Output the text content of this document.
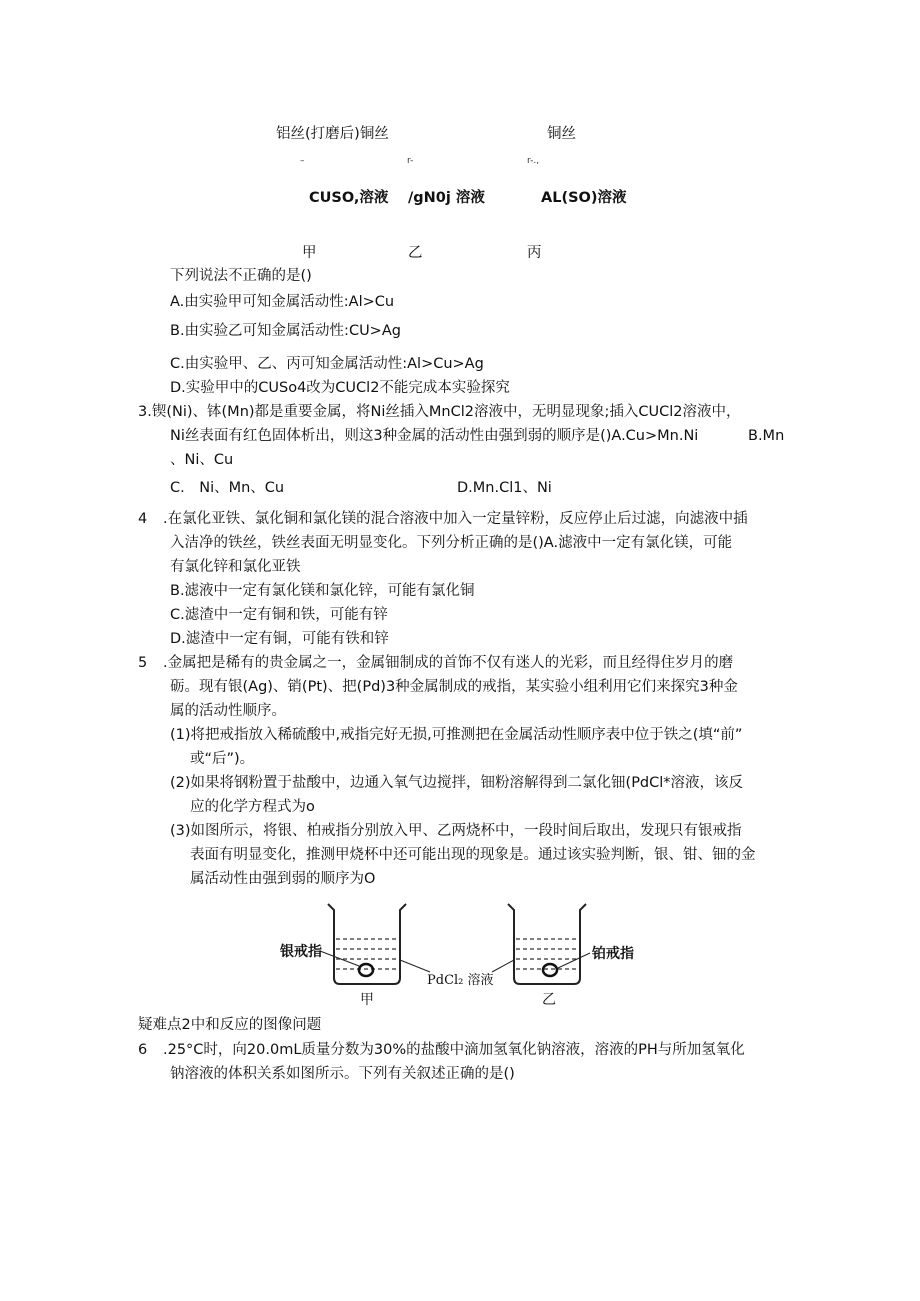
铝丝(打磨后)铜丝	铜丝
–	r-	r-.,
CUSO,溶液 /gN0j 溶液	AL(SO)溶液
甲	乙	丙
下列说法不正确的是()
A.由实验甲可知金属活动性:Al>Cu
B.由实验乙可知金属活动性:CU>Ag
C.由实验甲、乙、丙可知金属活动性:Al>Cu>Ag
D.实验甲中的CUSo4改为CUCl2不能完成本实验探究
3.锲(Ni)、钵(Mn)都是重要金属，将Ni丝插入MnCl2溶液中，无明显现象;插入CUCl2溶液中，
Ni丝表面有红色固体析出，则这3种金属的活动性由强到弱的顺序是()A.Cu>Mn.Ni	B.Mn
、Ni、Cu
C.　Ni、Mn、Cu	D.Mn.Cl1、Ni
4 .在氯化亚铁、氯化铜和氯化镁的混合溶液中加入一定量锌粉，反应停止后过滤，向滤液中插
入洁净的铁丝，铁丝表面无明显变化。下列分析正确的是()A.滤液中一定有氯化镁，可能
有氯化锌和氯化亚铁
B.滤液中一定有氯化镁和氯化锌，可能有氯化铜
C.滤渣中一定有铜和铁，可能有锌
D.滤渣中一定有铜，可能有铁和锌
5 .金属把是稀有的贵金属之一，金属钿制成的首饰不仅有迷人的光彩，而且经得住岁月的磨
砺。现有银(Ag)、销(Pt)、把(Pd)3种金属制成的戒指，某实验小组利用它们来探究3种金
属的活动性顺序。
(1)将把戒指放入稀硫酸中,戒指完好无损,可推测把在金属活动性顺序表中位于铁之(填“前”
或“后”)。
(2)如果将钢粉置于盐酸中，边通入氧气边搅拌，钿粉溶解得到二氯化钿(PdCl*溶液，该反
应的化学方程式为o
(3)如图所示，将银、柏戒指分别放入甲、乙两烧杯中，一段时间后取出，发现只有银戒指
表面有明显变化，推测甲烧杯中还可能出现的现象是。通过该实验判断，银、钳、钿的金
属活动性由强到弱的顺序为O
银戒指
PdCl₂ 溶液
铂戒指
甲	乙
疑难点2中和反应的图像问题
6 .25°C时，向20.0mL质量分数为30%的盐酸中滴加氢氧化钠溶液，溶液的PH与所加氢氧化
钠溶液的体积关系如图所示。下列有关叙述正确的是()
